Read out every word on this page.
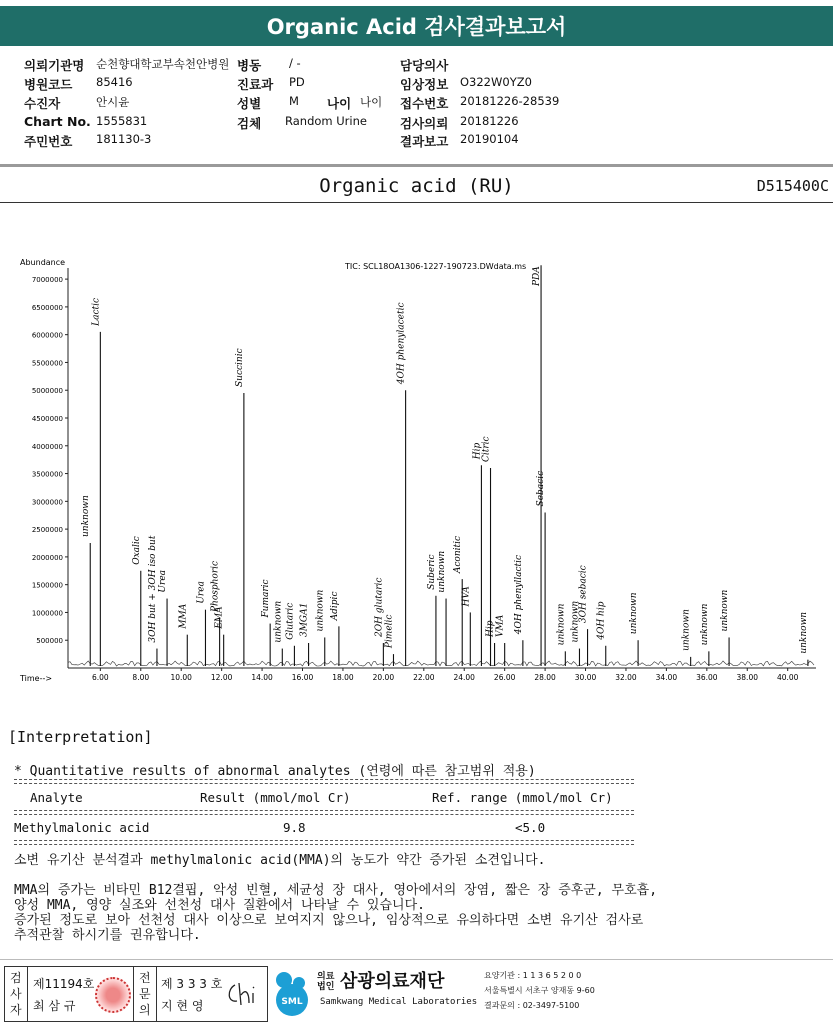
Organic Acid 검사결과보고서
의뢰기관명 순천향대학교부속천안병원 병동 / -	담당의사
병원코드 85416	진료과 PD	임상정보 O322W0YZ0
수진자	안시윤	성별 M 나이 나이 접수번호 20181226-28539
Chart No. 1555831	검체 Random Urine	검사의뢰 20181226
주민번호 181130-3	결과보고 20190104
Organic acid (RU)	D515400C
Abundance	TIC: SCL18OA1306-1227-190723.DWdata.ms
Time-->
500000
1000000
1500000
2000000
2500000
3000000
3500000
4000000
4500000
5000000
5500000
6000000
6500000
7000000
6.00	8.00	10.00	12.00	14.00	16.00	18.00	20.00	22.00	24.00	26.00	28.00	30.00	32.00	34.00	36.00	38.00	40.00
unknown
Lactic
Oxalic 3OH but + 3OH iso but Urea
MMA
Urea Phosphoric
EMA
Succinic
Fumaric
unknown Glutaric 3MGA1 unknown Adipic	2OH glutaric Pimelic
4OH phenylacetic
Suberic unknown Aconitic
HVA
Hip Citric
Hip VMA 4OH phenyllactic
PDA
Sebacic
unknown unknown
3OH sebacic 4OH hip unknown	unknown unknown unknown
unknown
[Interpretation]
* Quantitative results of abnormal analytes (연령에 따른 참고범위 적용)
Analyte	Result (mmol/mol Cr)	Ref. range (mmol/mol Cr)
Methylmalonic acid	9.8	<5.0
소변 유기산 분석결과 methylmalonic acid(MMA)의 농도가 약간 증가된 소견입니다.
MMA의 증가는 비타민 B12결핍, 악성 빈혈, 세균성 장 대사, 영아에서의 장염, 짧은 장 증후군, 무호흡,
양성 MMA, 영양 실조와 선천성 대사 질환에서 나타날 수 있습니다.
증가된 정도로 보아 선천성 대사 이상으로 보여지지 않으나, 임상적으로 유의하다면 소변 유기산 검사로
추적관찰 하시기를 권유합니다.
검
사
자
제11194호
최 삼 규
전
문
의
제 3 3 3 호
지 현 영	SML
의료
법인 삼광의료재단
Samkwang Medical Laboratories
요양기관 : 1 1 3 6 5 2 0 0
서울특별시 서초구 양재동 9-60
결과문의 : 02-3497-5100
